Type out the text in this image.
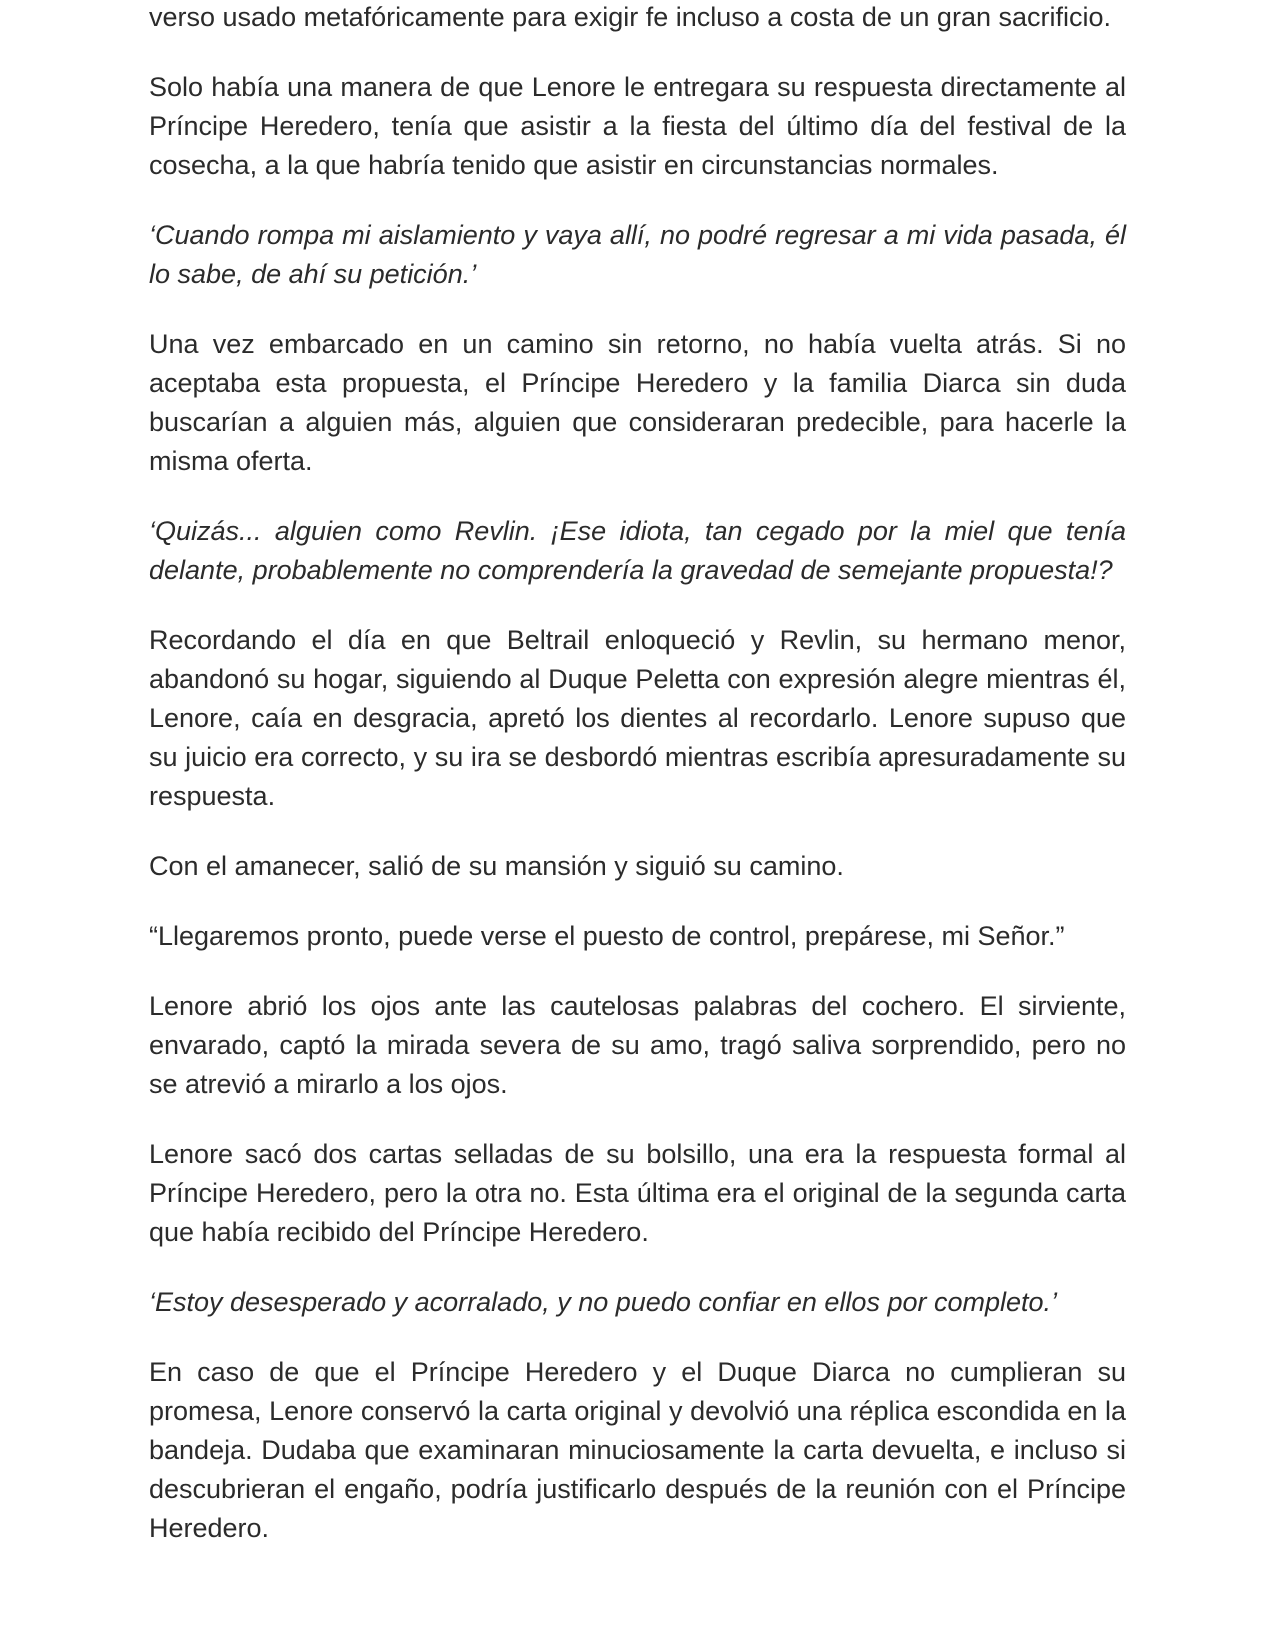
verso usado metafóricamente para exigir fe incluso a costa de un gran sacrificio.

Solo había una manera de que Lenore le entregara su respuesta directamente al Príncipe Heredero, tenía que asistir a la fiesta del último día del festival de la cosecha, a la que habría tenido que asistir en circunstancias normales.

‘Cuando rompa mi aislamiento y vaya allí, no podré regresar a mi vida pasada, él lo sabe, de ahí su petición.’

Una vez embarcado en un camino sin retorno, no había vuelta atrás. Si no aceptaba esta propuesta, el Príncipe Heredero y la familia Diarca sin duda buscarían a alguien más, alguien que consideraran predecible, para hacerle la misma oferta.

‘Quizás... alguien como Revlin. ¡Ese idiota, tan cegado por la miel que tenía delante, probablemente no comprendería la gravedad de semejante propuesta!?

Recordando el día en que Beltrail enloqueció y Revlin, su hermano menor, abandonó su hogar, siguiendo al Duque Peletta con expresión alegre mientras él, Lenore, caía en desgracia, apretó los dientes al recordarlo. Lenore supuso que su juicio era correcto, y su ira se desbordó mientras escribía apresuradamente su respuesta.

Con el amanecer, salió de su mansión y siguió su camino.

“Llegaremos pronto, puede verse el puesto de control, prepárese, mi Señor.”

Lenore abrió los ojos ante las cautelosas palabras del cochero. El sirviente, envarado, captó la mirada severa de su amo, tragó saliva sorprendido, pero no se atrevió a mirarlo a los ojos.

Lenore sacó dos cartas selladas de su bolsillo, una era la respuesta formal al Príncipe Heredero, pero la otra no. Esta última era el original de la segunda carta que había recibido del Príncipe Heredero.

‘Estoy desesperado y acorralado, y no puedo confiar en ellos por completo.’

En caso de que el Príncipe Heredero y el Duque Diarca no cumplieran su promesa, Lenore conservó la carta original y devolvió una réplica escondida en la bandeja. Dudaba que examinaran minuciosamente la carta devuelta, e incluso si descubrieran el engaño, podría justificarlo después de la reunión con el Príncipe Heredero.
